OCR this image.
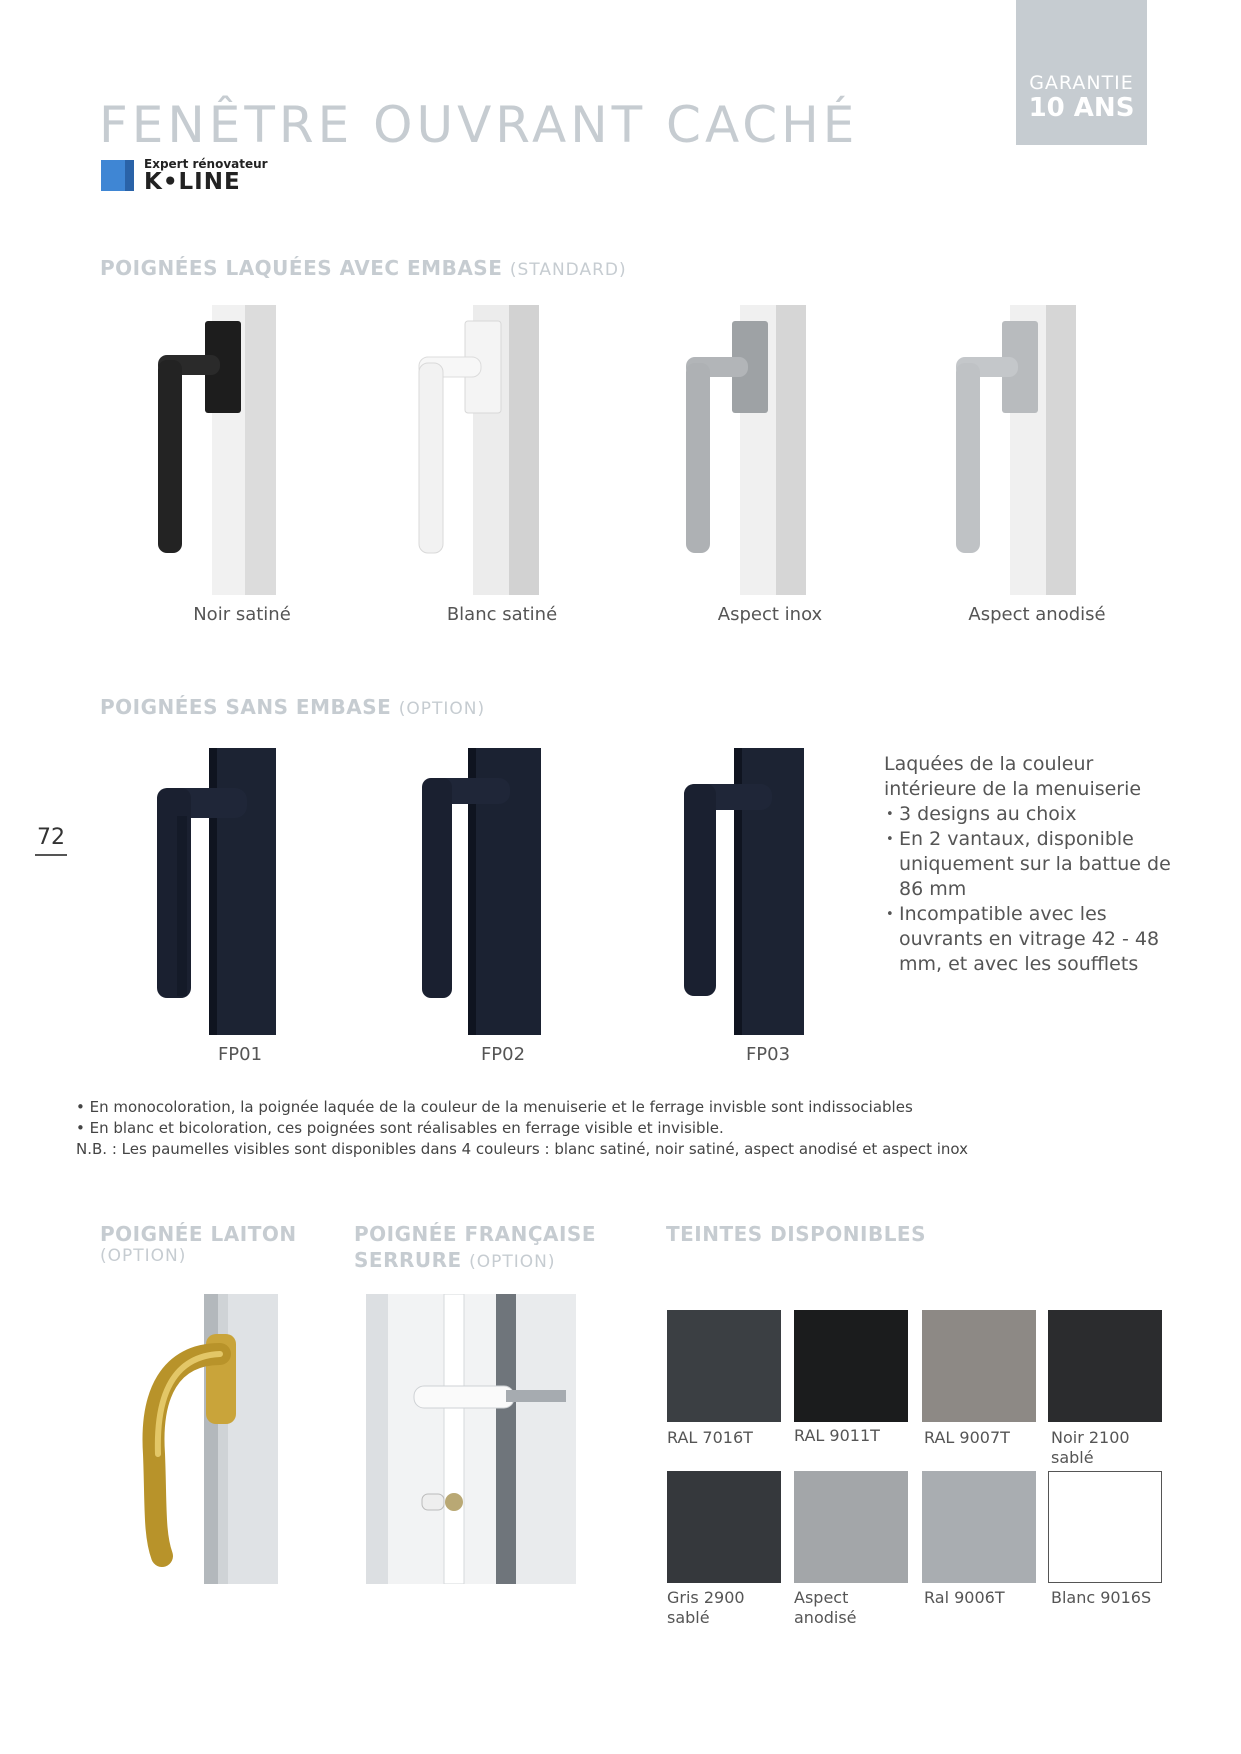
FENÊTRE OUVRANT CACHÉ
GARANTIE
10 ANS
Expert rénovateur
K•LINE
POIGNÉES LAQUÉES AVEC EMBASE (STANDARD)
Noir satiné	Blanc satiné	Aspect inox	Aspect anodisé
POIGNÉES SANS EMBASE (OPTION)
72
FP01	FP02	FP03
Laquées de la couleur intérieure de la menuiserie
• 3 designs au choix
• En 2 vantaux, disponible uniquement sur la battue de 86 mm
• Incompatible avec les ouvrants en vitrage 42 - 48 mm, et avec les soufflets
• En monocoloration, la poignée laquée de la couleur de la menuiserie et le ferrage invisble sont indissociables
• En blanc et bicoloration, ces poignées sont réalisables en ferrage visible et invisible.
N.B. : Les paumelles visibles sont disponibles dans 4 couleurs : blanc satiné, noir satiné, aspect anodisé et aspect inox
POIGNÉE LAITON
(OPTION)
POIGNÉE FRANÇAISE
SERRURE (OPTION)
TEINTES DISPONIBLES
RAL 7016T	RAL 9011T	RAL 9007T	Noir 2100 sablé
Gris 2900 sablé
Aspect anodisé
Ral 9006T	Blanc 9016S
